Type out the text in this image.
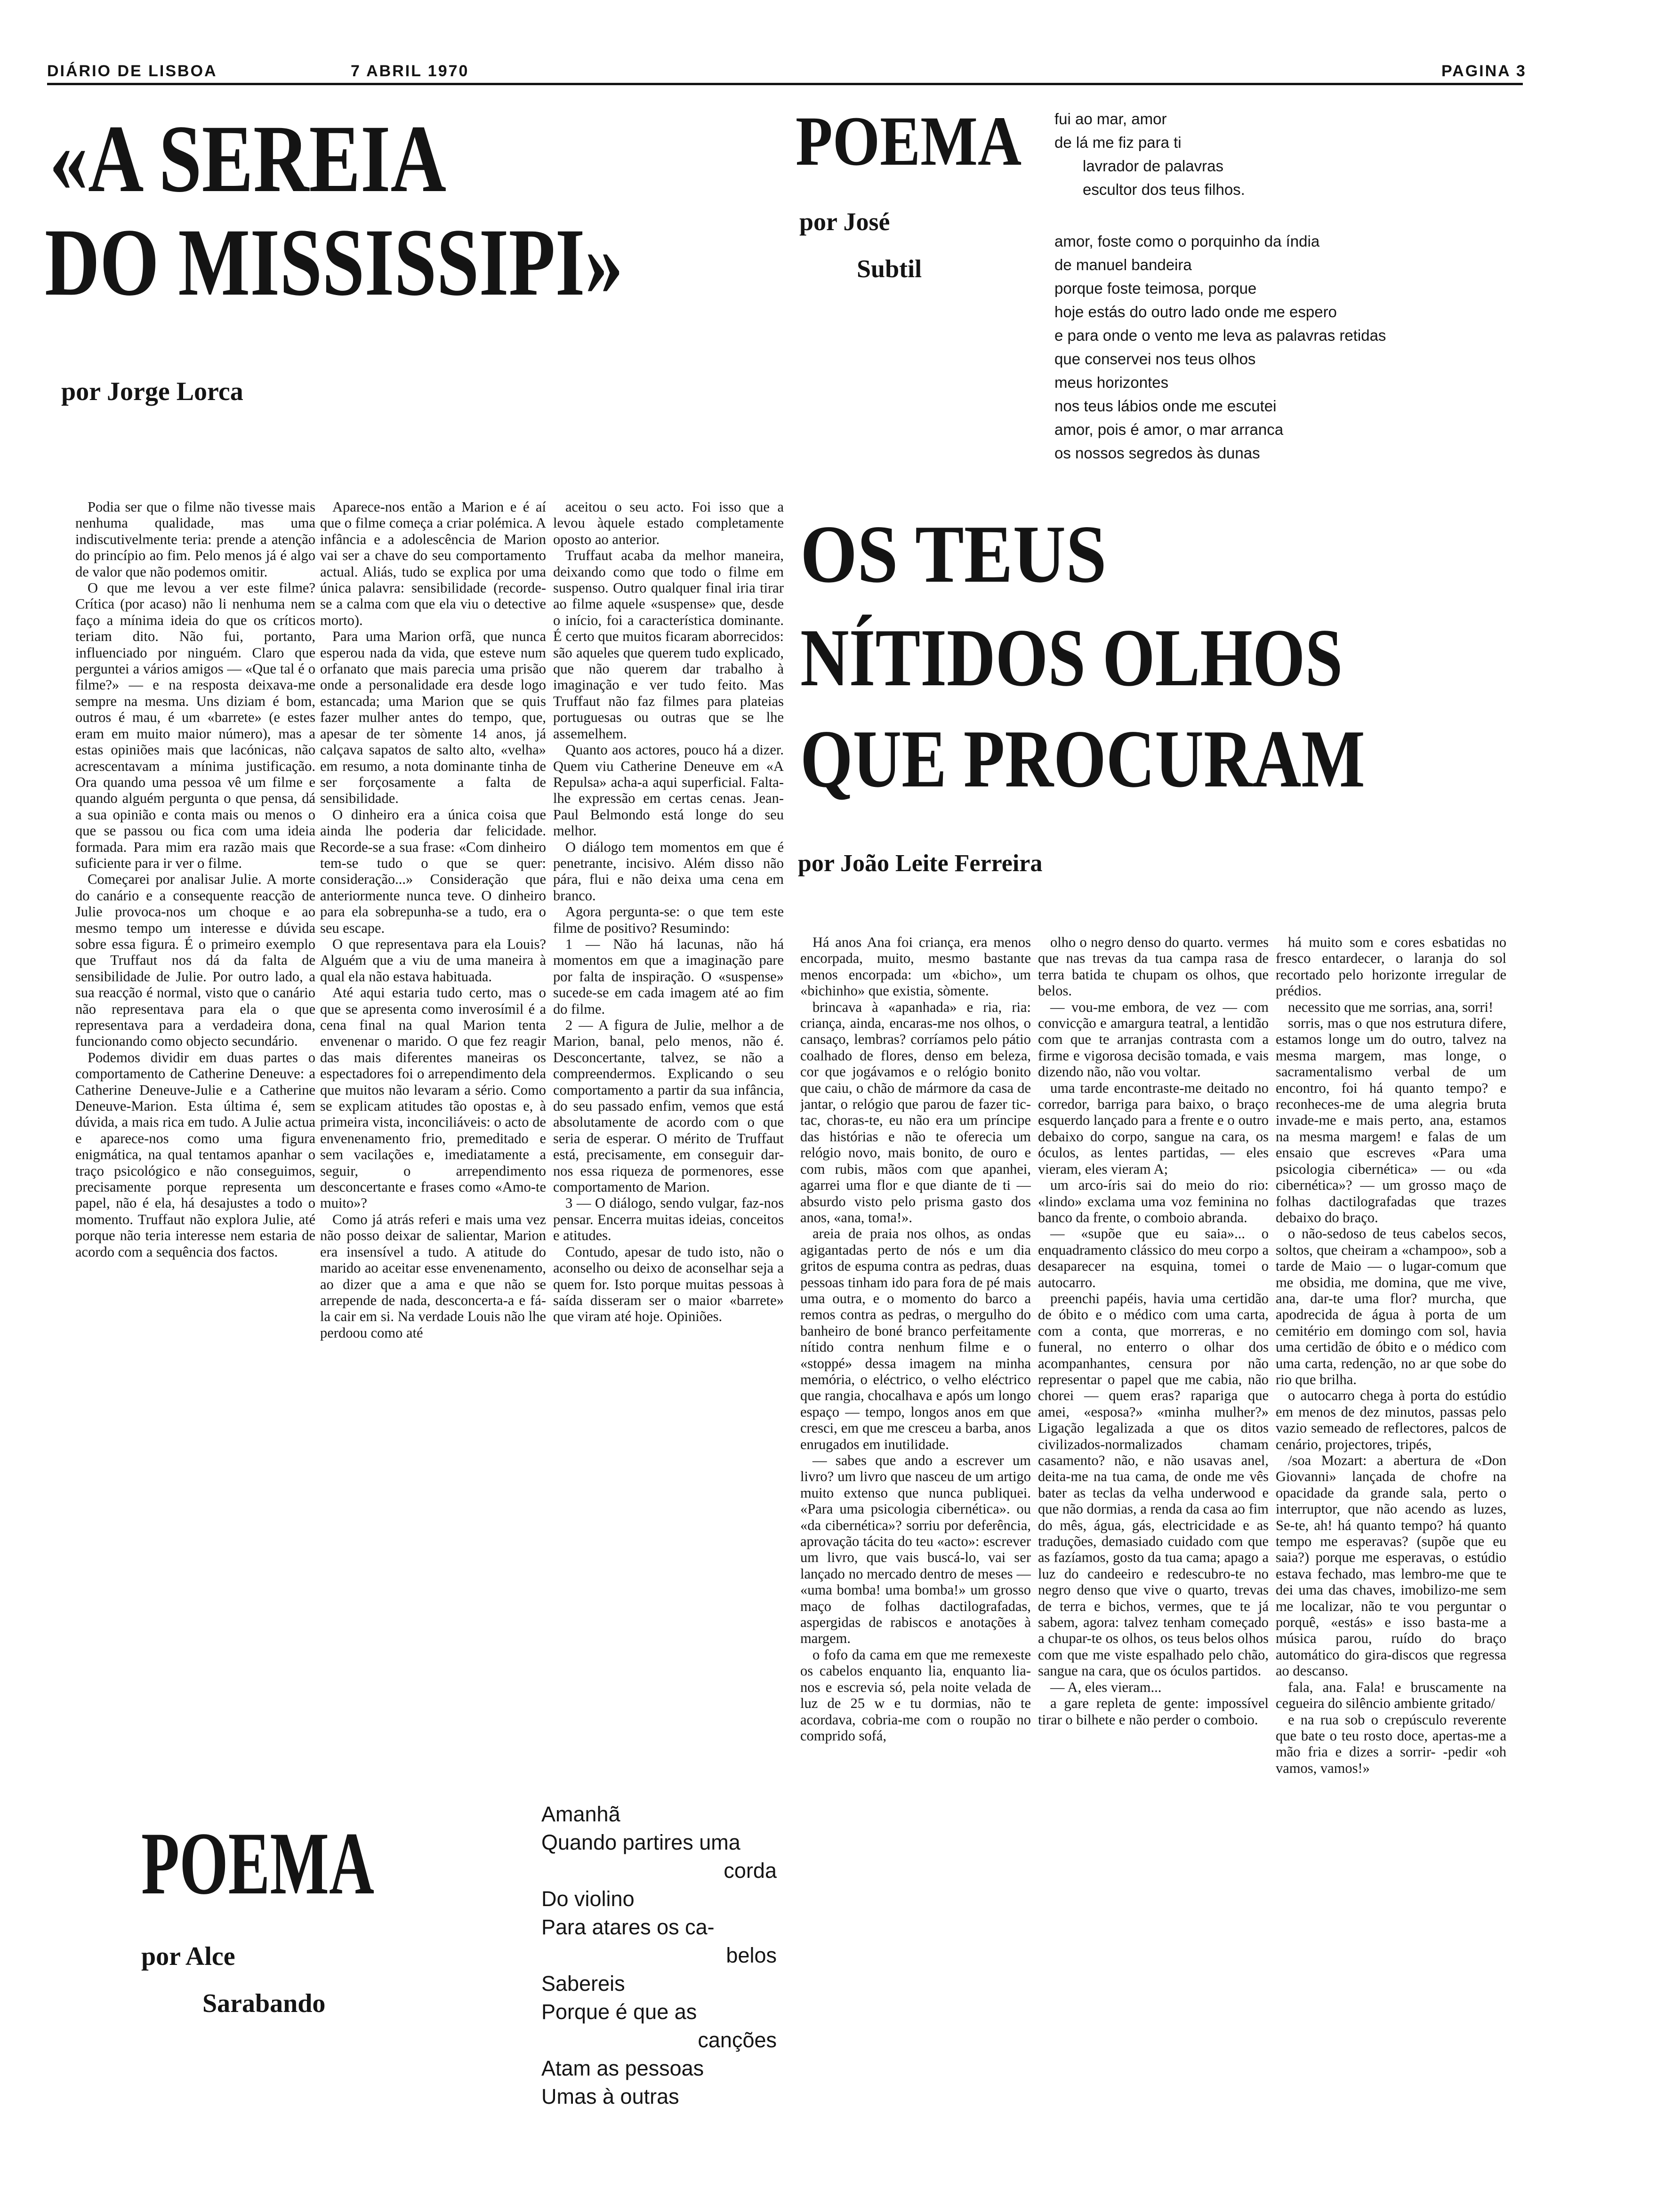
DIÁRIO DE LISBOA	7 ABRIL 1970	PAGINA 3
«A SEREIA
DO MISSISSIPI»
por Jorge Lorca
POEMA
por José
Subtil
fui ao mar, amor
de lá me fiz para ti
lavrador de palavras
escultor dos teus filhos.
amor, foste como o porquinho da índia
de manuel bandeira
porque foste teimosa, porque
hoje estás do outro lado onde me espero
e para onde o vento me leva as palavras retidas
que conservei nos teus olhos
meus horizontes
nos teus lábios onde me escutei
amor, pois é amor, o mar arranca
os nossos segredos às dunas

Podia ser que o filme não tivesse mais nenhuma qualidade, mas uma indiscutivelmente teria: prende a atenção do princípio ao fim. Pelo menos já é algo de valor que não podemos omitir.

O que me levou a ver este filme? Crítica (por acaso) não li nenhuma nem faço a mínima ideia do que os críticos teriam dito. Não fui, portanto, influenciado por ninguém. Claro que perguntei a vários amigos — «Que tal é o filme?» — e na resposta deixava-me sempre na mesma. Uns diziam é bom, outros é mau, é um «barrete» (e estes eram em muito maior número), mas a estas opiniões mais que lacónicas, não acrescentavam a mínima justificação. Ora quando uma pessoa vê um filme e quando alguém pergunta o que pensa, dá a sua opinião e conta mais ou menos o que se passou ou fica com uma ideia formada. Para mim era razão mais que suficiente para ir ver o filme.

Começarei por analisar Julie. A morte do canário e a consequente reacção de Julie provoca-nos um choque e ao mesmo tempo um interesse e dúvida sobre essa figura. É o primeiro exemplo que Truffaut nos dá da falta de sensibilidade de Julie. Por outro lado, a sua reacção é normal, visto que o canário não representava para ela o que representava para a verdadeira dona, funcionando como objecto secundário.

Podemos dividir em duas partes o comportamento de Catherine Deneuve: a Catherine Deneuve-Julie e a Catherine Deneuve-Marion. Esta última é, sem dúvida, a mais rica em tudo. A Julie actua e aparece-nos como uma figura enigmática, na qual tentamos apanhar o traço psicológico e não conseguimos, precisamente porque representa um papel, não é ela, há desajustes a todo o momento. Truffaut não explora Julie, até porque não teria interesse nem estaria de acordo com a sequência dos factos.

Aparece-nos então a Marion e é aí que o filme começa a criar polémica. A infância e a adolescência de Marion vai ser a chave do seu comportamento actual. Aliás, tudo se explica por uma única palavra: sensibilidade (recorde-se a calma com que ela viu o detective morto).

Para uma Marion orfã, que nunca esperou nada da vida, que esteve num orfanato que mais parecia uma prisão onde a personalidade era desde logo estancada; uma Marion que se quis fazer mulher antes do tempo, que, apesar de ter sòmente 14 anos, já calçava sapatos de salto alto, «velha» em resumo, a nota dominante tinha de ser forçosamente a falta de sensibilidade.

O dinheiro era a única coisa que ainda lhe poderia dar felicidade. Recorde-se a sua frase: «Com dinheiro tem-se tudo o que se quer: consideração...» Consideração que anteriormente nunca teve. O dinheiro para ela sobrepunha-se a tudo, era o seu escape.

O que representava para ela Louis? Alguém que a viu de uma maneira à qual ela não estava habituada.

Até aqui estaria tudo certo, mas o que se apresenta como inverosímil é a cena final na qual Marion tenta envenenar o marido. O que fez reagir das mais diferentes maneiras os espectadores foi o arrependimento dela que muitos não levaram a sério. Como se explicam atitudes tão opostas e, à primeira vista, inconciliáveis: o acto de envenenamento frio, premeditado e sem vacilações e, imediatamente a seguir, o arrependimento desconcertante e frases como «Amo-te muito»?

Como já atrás referi e mais uma vez não posso deixar de salientar, Marion era insensível a tudo. A atitude do marido ao aceitar esse envenenamento, ao dizer que a ama e que não se arrepende de nada, desconcerta-a e fá-la cair em si. Na verdade Louis não lhe perdoou como até

aceitou o seu acto. Foi isso que a levou àquele estado completamente oposto ao anterior.

Truffaut acaba da melhor maneira, deixando como que todo o filme em suspenso. Outro qualquer final iria tirar ao filme aquele «suspense» que, desde o início, foi a característica dominante. É certo que muitos ficaram aborrecidos: são aqueles que querem tudo explicado, que não querem dar trabalho à imaginação e ver tudo feito. Mas Truffaut não faz filmes para plateias portuguesas ou outras que se lhe assemelhem.

Quanto aos actores, pouco há a dizer. Quem viu Catherine Deneuve em «A Repulsa» acha-a aqui superficial. Falta-lhe expressão em certas cenas. Jean-Paul Belmondo está longe do seu melhor.

O diálogo tem momentos em que é penetrante, incisivo. Além disso não pára, flui e não deixa uma cena em branco.

Agora pergunta-se: o que tem este filme de positivo? Resumindo:

1 — Não há lacunas, não há momentos em que a imaginação pare por falta de inspiração. O «suspense» sucede-se em cada imagem até ao fim do filme.

2 — A figura de Julie, melhor a de Marion, banal, pelo menos, não é. Desconcertante, talvez, se não a compreendermos. Explicando o seu comportamento a partir da sua infância, do seu passado enfim, vemos que está absolutamente de acordo com o que seria de esperar. O mérito de Truffaut está, precisamente, em conseguir dar-nos essa riqueza de pormenores, esse comportamento de Marion.

3 — O diálogo, sendo vulgar, faz-nos pensar. Encerra muitas ideias, conceitos e atitudes.

Contudo, apesar de tudo isto, não o aconselho ou deixo de aconselhar seja a quem for. Isto porque muitas pessoas à saída disseram ser o maior «barrete» que viram até hoje. Opiniões.

OS TEUS
NÍTIDOS OLHOS
QUE PROCURAM
por João Leite Ferreira

Há anos Ana foi criança, era menos encorpada, muito, mesmo bastante menos encorpada: um «bicho», um «bichinho» que existia, sòmente.

brincava à «apanhada» e ria, ria: criança, ainda, encaras-me nos olhos, o cansaço, lembras? corríamos pelo pátio coalhado de flores, denso em beleza, cor que jogávamos e o relógio bonito que caiu, o chão de mármore da casa de jantar, o relógio que parou de fazer tic-tac, choras-te, eu não era um príncipe das histórias e não te oferecia um relógio novo, mais bonito, de ouro e com rubis, mãos com que apanhei, agarrei uma flor e que diante de ti — absurdo visto pelo prisma gasto dos anos, «ana, toma!».

areia de praia nos olhos, as ondas agigantadas perto de nós e um dia gritos de espuma contra as pedras, duas pessoas tinham ido para fora de pé mais uma outra, e o momento do barco a remos contra as pedras, o mergulho do banheiro de boné branco perfeitamente nítido contra nenhum filme e o «stoppé» dessa imagem na minha memória, o eléctrico, o velho eléctrico que rangia, chocalhava e após um longo espaço — tempo, longos anos em que cresci, em que me cresceu a barba, anos enrugados em inutilidade.

— sabes que ando a escrever um livro? um livro que nasceu de um artigo muito extenso que nunca publiquei. «Para uma psicologia cibernética». ou «da cibernética»? sorriu por deferência, aprovação tácita do teu «acto»: escrever um livro, que vais buscá-lo, vai ser lançado no mercado dentro de meses — «uma bomba! uma bomba!» um grosso maço de folhas dactilografadas, aspergidas de rabiscos e anotações à margem.

o fofo da cama em que me remexeste os cabelos enquanto lia, enquanto lia-nos e escrevia só, pela noite velada de luz de 25 w e tu dormias, não te acordava, cobria-me com o roupão no comprido sofá,

olho o negro denso do quarto. vermes que nas trevas da tua campa rasa de terra batida te chupam os olhos, que belos.

— vou-me embora, de vez — com convicção e amargura teatral, a lentidão com que te arranjas contrasta com a firme e vigorosa decisão tomada, e vais dizendo não, não vou voltar.

uma tarde encontraste-me deitado no corredor, barriga para baixo, o braço esquerdo lançado para a frente e o outro debaixo do corpo, sangue na cara, os óculos, as lentes partidas, — eles vieram, eles vieram A;

um arco-íris sai do meio do rio: «lindo» exclama uma voz feminina no banco da frente, o comboio abranda.

— «supõe que eu saia»... o enquadramento clássico do meu corpo a desaparecer na esquina, tomei o autocarro.

preenchi papéis, havia uma certidão de óbito e o médico com uma carta, com a conta, que morreras, e no funeral, no enterro o olhar dos acompanhantes, censura por não representar o papel que me cabia, não chorei — quem eras? rapariga que amei, «esposa?» «minha mulher?» Ligação legalizada a que os ditos civilizados-normalizados chamam casamento? não, e não usavas anel, deita-me na tua cama, de onde me vês bater as teclas da velha underwood e que não dormias, a renda da casa ao fim do mês, água, gás, electricidade e as traduções, demasiado cuidado com que as fazíamos, gosto da tua cama; apago a luz do candeeiro e redescubro-te no negro denso que vive o quarto, trevas de terra e bichos, vermes, que te já sabem, agora: talvez tenham começado a chupar-te os olhos, os teus belos olhos com que me viste espalhado pelo chão, sangue na cara, que os óculos partidos.

— A, eles vieram...

a gare repleta de gente: impossível tirar o bilhete e não perder o comboio.

há muito som e cores esbatidas no fresco entardecer, o laranja do sol recortado pelo horizonte irregular de prédios.

necessito que me sorrias, ana, sorri!

sorris, mas o que nos estrutura difere, estamos longe um do outro, talvez na mesma margem, mas longe, o sacramentalismo verbal de um encontro, foi há quanto tempo? e reconheces-me de uma alegria bruta invade-me e mais perto, ana, estamos na mesma margem! e falas de um ensaio que escreves «Para uma psicologia cibernética» — ou «da cibernética»? — um grosso maço de folhas dactilografadas que trazes debaixo do braço.

o não-sedoso de teus cabelos secos, soltos, que cheiram a «champoo», sob a tarde de Maio — o lugar-comum que me obsidia, me domina, que me vive, ana, dar-te uma flor? murcha, que apodrecida de água à porta de um cemitério em domingo com sol, havia uma certidão de óbito e o médico com uma carta, redenção, no ar que sobe do rio que brilha.

o autocarro chega à porta do estúdio em menos de dez minutos, passas pelo vazio semeado de reflectores, palcos de cenário, projectores, tripés,

/soa Mozart: a abertura de «Don Giovanni» lançada de chofre na opacidade da grande sala, perto o interruptor, que não acendo as luzes, Se-te, ah! há quanto tempo? há quanto tempo me esperavas? (supõe que eu saia?) porque me esperavas, o estúdio estava fechado, mas lembro-me que te dei uma das chaves, imobilizo-me sem me localizar, não te vou perguntar o porquê, «estás» e isso basta-me a música parou, ruído do braço automático do gira-discos que regressa ao descanso.

fala, ana. Fala! e bruscamente na cegueira do silêncio ambiente gritado/

e na rua sob o crepúsculo reverente que bate o teu rosto doce, apertas-me a mão fria e dizes a sorrir- -pedir «oh vamos, vamos!»

POEMA
por Alce
Sarabando
Amanhã
Quando partires uma
corda
Do violino
Para atares os ca-
belos
Sabereis
Porque é que as
canções
Atam as pessoas
Umas à outras
